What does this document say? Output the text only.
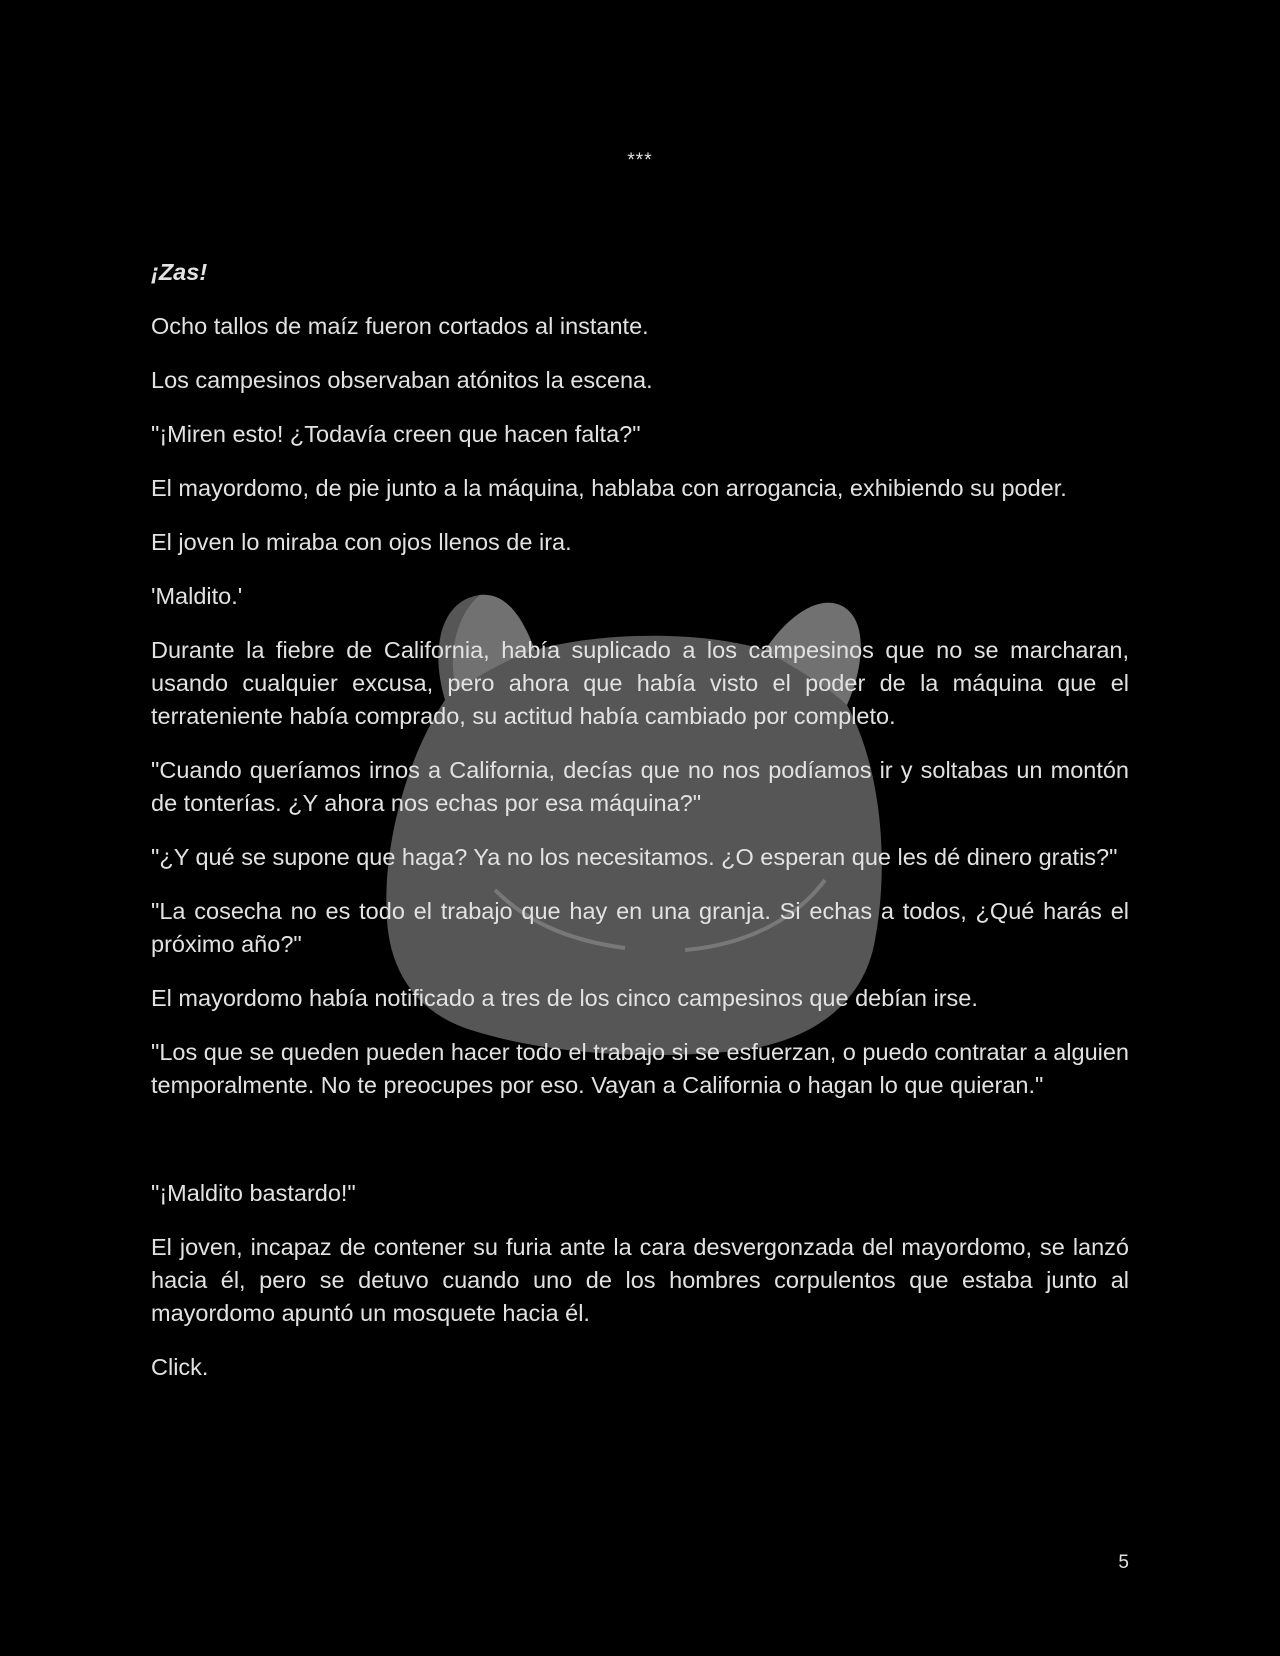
***

¡Zas!

Ocho tallos de maíz fueron cortados al instante.

Los campesinos observaban atónitos la escena.

"¡Miren esto! ¿Todavía creen que hacen falta?"

El mayordomo, de pie junto a la máquina, hablaba con arrogancia, exhibiendo su poder.

El joven lo miraba con ojos llenos de ira.

'Maldito.'

Durante la fiebre de California, había suplicado a los campesinos que no se marcharan, usando cualquier excusa, pero ahora que había visto el poder de la máquina que el terrateniente había comprado, su actitud había cambiado por completo.

"Cuando queríamos irnos a California, decías que no nos podíamos ir y soltabas un montón de tonterías. ¿Y ahora nos echas por esa máquina?"

"¿Y qué se supone que haga? Ya no los necesitamos. ¿O esperan que les dé dinero gratis?"

"La cosecha no es todo el trabajo que hay en una granja. Si echas a todos, ¿Qué harás el próximo año?"

El mayordomo había notificado a tres de los cinco campesinos que debían irse.

"Los que se queden pueden hacer todo el trabajo si se esfuerzan, o puedo contratar a alguien temporalmente. No te preocupes por eso. Vayan a California o hagan lo que quieran."

"¡Maldito bastardo!"

El joven, incapaz de contener su furia ante la cara desvergonzada del mayordomo, se lanzó hacia él, pero se detuvo cuando uno de los hombres corpulentos que estaba junto al mayordomo apuntó un mosquete hacia él.

Click.

5
